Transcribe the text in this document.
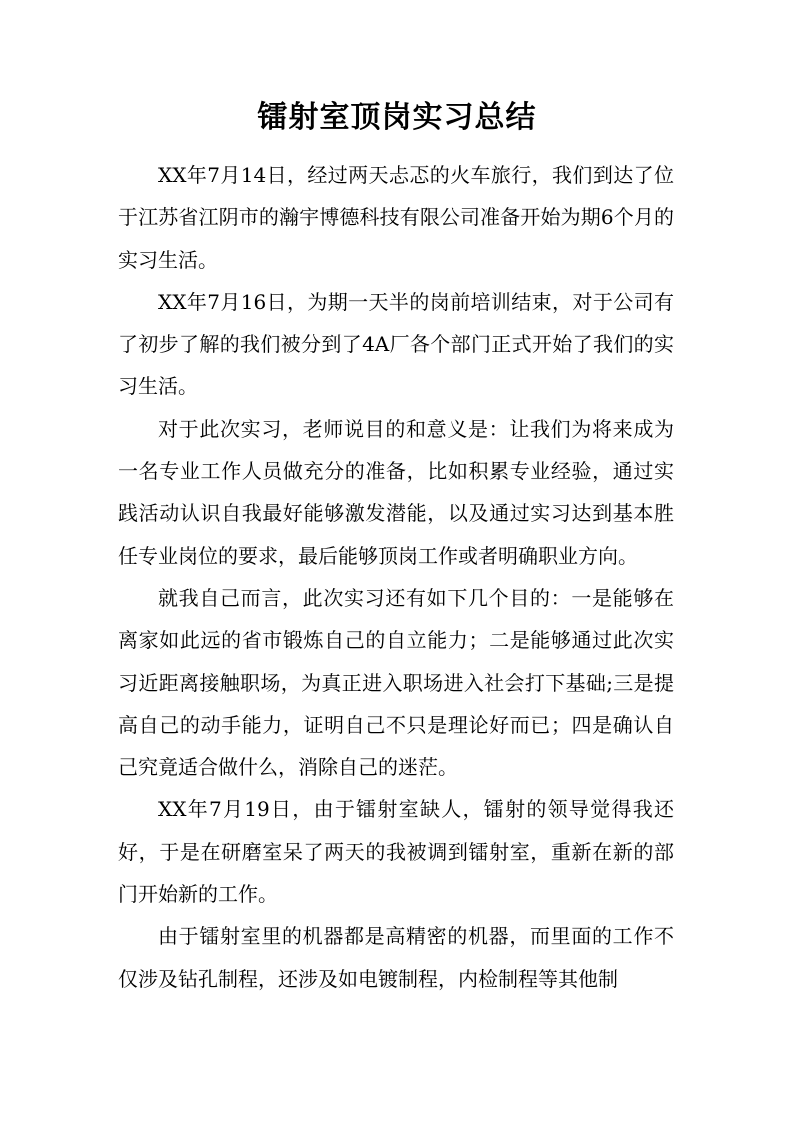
镭射室顶岗实习总结

XX年7月14日，经过两天忐忑的火车旅行，我们到达了位于江苏省江阴市的瀚宇博德科技有限公司准备开始为期6个月的实习生活。

XX年7月16日，为期一天半的岗前培训结束，对于公司有了初步了解的我们被分到了4A厂各个部门正式开始了我们的实习生活。

对于此次实习，老师说目的和意义是：让我们为将来成为一名专业工作人员做充分的准备，比如积累专业经验，通过实践活动认识自我最好能够激发潜能，以及通过实习达到基本胜任专业岗位的要求，最后能够顶岗工作或者明确职业方向。

就我自己而言，此次实习还有如下几个目的：一是能够在离家如此远的省市锻炼自己的自立能力；二是能够通过此次实习近距离接触职场，为真正进入职场进入社会打下基础;三是提高自己的动手能力，证明自己不只是理论好而已；四是确认自己究竟适合做什么，消除自己的迷茫。

XX年7月19日，由于镭射室缺人，镭射的领导觉得我还好，于是在研磨室呆了两天的我被调到镭射室，重新在新的部门开始新的工作。

由于镭射室里的机器都是高精密的机器，而里面的工作不仅涉及钻孔制程，还涉及如电镀制程，内检制程等其他制
